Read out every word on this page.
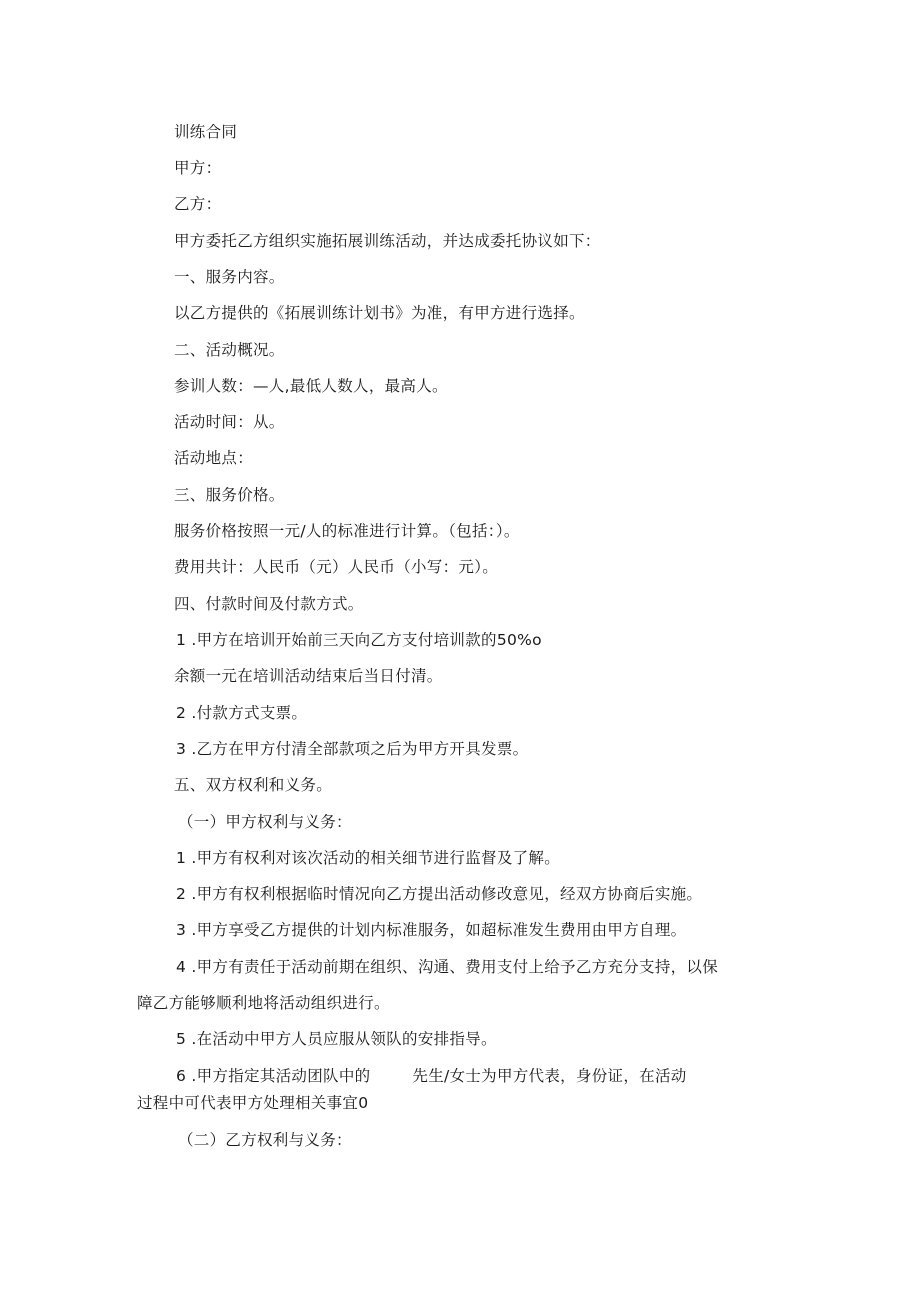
训练合同
甲方：
乙方：
甲方委托乙方组织实施拓展训练活动，并达成委托协议如下：
一、服务内容。
以乙方提供的《拓展训练计划书》为准，有甲方进行选择。
二、活动概况。
参训人数：—人,最低人数人，最高人。
活动时间：从。
活动地点：
三、服务价格。
服务价格按照一元/人的标准进行计算。（包括：）。
费用共计：人民币（元）人民币（小写：元）。
四、付款时间及付款方式。
1 .甲方在培训开始前三天向乙方支付培训款的50%o
余额一元在培训活动结束后当日付清。
2 .付款方式支票。
3 .乙方在甲方付清全部款项之后为甲方开具发票。
五、双方权利和义务。
（一）甲方权利与义务：
1 .甲方有权利对该次活动的相关细节进行监督及了解。
2 .甲方有权利根据临时情况向乙方提出活动修改意见，经双方协商后实施。
3 .甲方享受乙方提供的计划内标准服务，如超标准发生费用由甲方自理。
4 .甲方有责任于活动前期在组织、沟通、费用支付上给予乙方充分支持，以保
障乙方能够顺利地将活动组织进行。
5 .在活动中甲方人员应服从领队的安排指导。
6 .甲方指定其活动团队中的	先生/女士为甲方代表，身份证，在活动
过程中可代表甲方处理相关事宜0
（二）乙方权利与义务：
